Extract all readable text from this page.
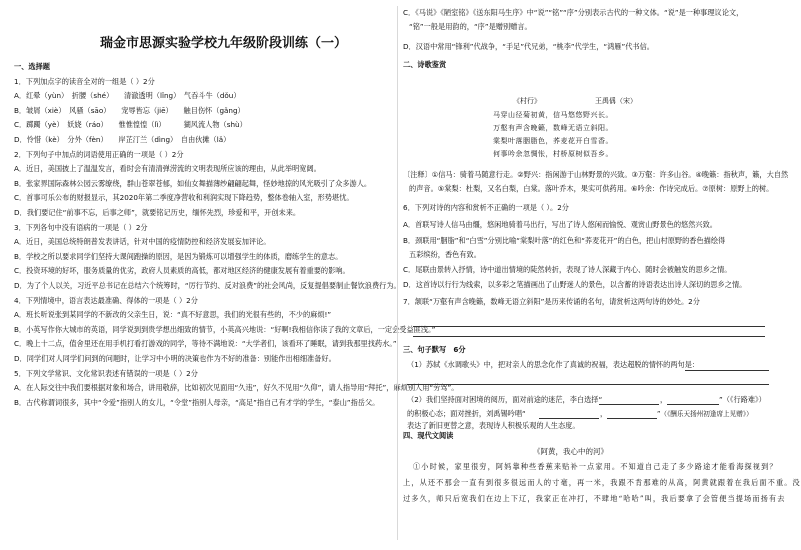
瑞金市思源实验学校九年级阶段训练（一）
一、选择题
1．下列加点字的读音全对的一组是（ ）2分
A．红晕（yùn）　折腰（shé）　　清澈透明（lǐng）　气吞斗牛（dǒu）
B．皱屑（xiè）　风骚（sāo）　　宠辱皆忘（jiē）　　触目伤怀（gǎng）
C．踯躅（yè）　妖娆（ráo）　　惟惟惶惶（lì）　　　猢风流人物（shù）
D．怜惜（kè）　分外（fèn）　　岸芷汀兰（dìng）　自由伙摊（lǎ）
2．下列句子中加点的词语使用正确的一项是（ ）2分
A．近日，美国披上了温温发言，看时会有清清弹涝流的文明表现所应该的理由，从此举明宽阔。
B．张家界国际森林公园云雾缭绕，群山苍翠苍郁，如仙女舞描薄纱翩翩起舞，怪妙地掠的风光吸引了众多游人。
C．首事可乐公布的财报显示，其2020年第二季度净营收和利润实现下降趋势，整体卷轴入室，形势堪忧。
D．我们要记住“前事不忘，后事之师”，就要铭记历史，缅怀先烈，珍爱和平，开创未来。
3．下列各句中没有语病的一项是（ ）2分
A．近日，美国总统特朗普发表讲话，针对中国的疫情防控和经济发展妄加评论。
B．学校之所以要求同学们坚持大课间跑操的原因，是因为锻炼可以增强学生的体质，磨练学生的意志。
C．投资环境的好坏，服务质量的优劣，政府人员素质的高低，都对地区经济的健康发展有着重要的影响。
D．为了个人以关，习近平总书记在总结六个统筹时，“厉行节约、反对浪费”的社会风尚，反复提倡要制止餐饮浪费行为。
4．下列情境中，语言表达最准确、得体的一项是（ ）2分
A．班长听说张到某同学的不新改的父亲生日，说：“真不好意思，我们的光很有些的，不少的麻烦!”
B．小英写作你大城市的英语，同学说到到贵学想出细致的情节，小英高兴地说：“好啊!我相信你读了我的文章后，一定会受益匪浅。”
C．晚上十二点，值舍里还在用手机打看打游戏的同学，等待不满地说：“大学者们，该看环了睡眠，请到我那里找药水。”
D．同学们对人同学们问到的问题时，让学习中小明的决策也作为不好的准备：别能作出相细准备好。
5．下列文学常识、文化常识表述有错误的一项是（ ）2分
A．在人际交往中我们要根据对象和场合，讲用敬辞，比如初次见面用“久违”，好久不见用“久仰”，请人指导用“拜托”，麻烦别人用“劳驾”。
B．古代称谓词很多，其中“令爱”指别人的女儿，“令堂”指别人母亲，“高足”指自己有才学的学生，“泰山”指岳父。
C．《马说》《陋室铭》《送东阳马生序》中“说”“铭”“序”分别表示古代的一种文体。“说”是一种事理议论文，
“铭”一般是用韵的，“序”是赠别赠言。
D．汉语中常用“锋利”代战争，“手足”代兄弟，“桃李”代学生，“鸿雁”代书信。
二、诗歌鉴赏
《村行》	王禹偁（宋）
马穿山径菊初黄，信马悠悠野兴长。
万壑有声含晚籁，数峰无语立斜阳。
棠梨叶落胭脂色，荞麦花开白雪香。
何事吟余忽惆怅，村桥原树似吾乡。
〔注释〕①信马：骑着马随意行走。②野兴：指闲游于山林野景的兴致。③万壑：许多山谷。④晚籁：指秋声，籁，大自然
的声音。⑤棠梨：杜梨，又名白梨，白棠。落叶乔木，果实可供药用。⑥吟余：作诗完成后。⑦原树：原野上的树。
6．下列对诗的内容和赏析不正确的一项是（ ）。2分
A．首联写诗人信马由缰，悠闲地骑着马出行，写出了诗人悠闲而愉悦、观赏山野景色的悠然兴致。
B．颈联用“胭脂”和“白雪”分别比喻“棠梨叶落”的红色和“荞麦花开”的白色，把山村原野的香色描绘得
五彩缤纷，香色有致。
C．尾联由景转入抒情，诗中道出情境的陡然转折，表现了诗人深藏于内心、随时会被触发的思乡之情。
D．这首诗以行行为线索，以多彩之笔描画出了山野迷人的景色，以含蓄的诗语表达出诗人深切的思乡之情。
7．颔联“万壑有声含晚籁，数峰无语立斜阳”是历来传诵的名句，请赏析这两句诗的妙处。2分
三、句子默写　6分
（1）苏轼《水调歌头》中，把对亲人的思念化作了真诚的祝福，表达超脱的情怀的两句是：
（2）我们坚持面对困境的阅历，面对前途的迷茫，李白选择“	，	”（《行路难》）
的积极心态；面对挫折，刘禹锡吟唱“	，	”（《酬乐天扬州初逢席上见赠》）
表达了新旧更替之意，表现诗人积极乐观的人生态度。
四、现代文阅读
《阿黄，我心中的河》
①小时候，家里很穷，阿妈靠种些香蕉来贴补一点家用。不知道自己走了多少路途才能看海探视到？
上，从还不那会一直有到很多很远而人的寸毫，再一米，我跟不肯那难的从高，阿黄就跟着在我后面不重。没
过多久，师只后宽我们在边上下辽，我家正在冲打，不肆地“哈哈”叫，我后要拿了会管便当提场而扬有去
